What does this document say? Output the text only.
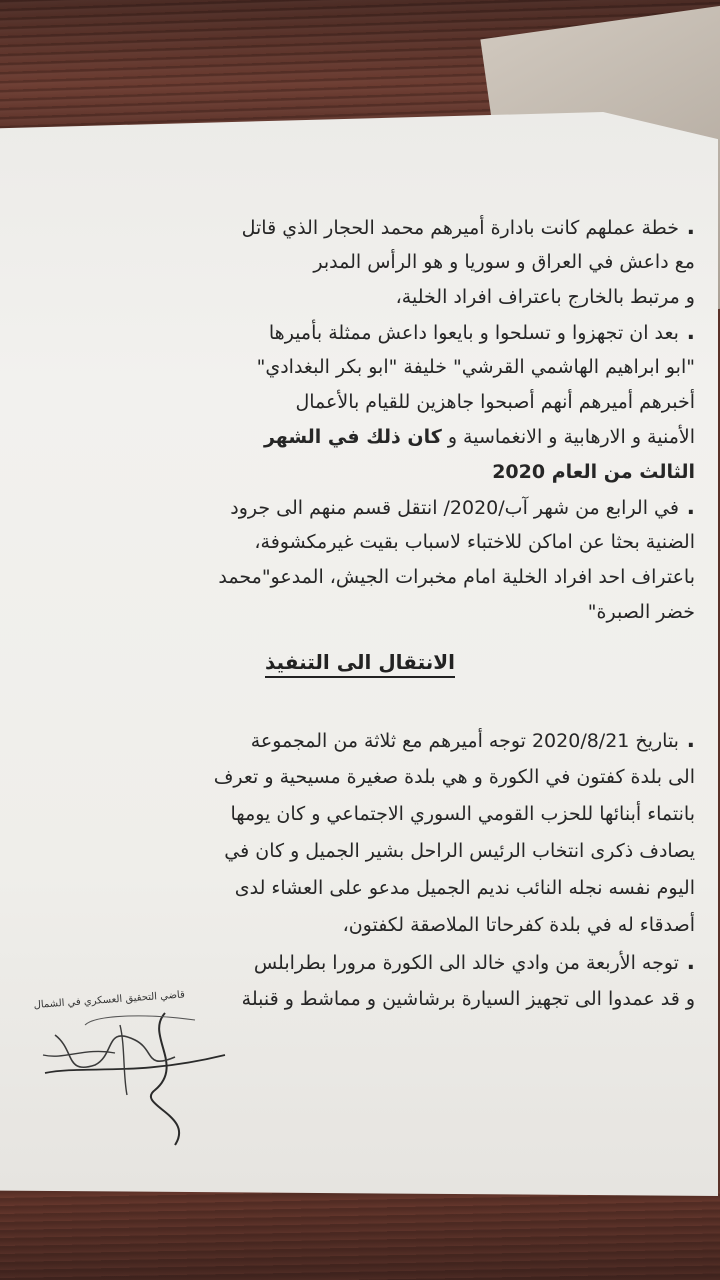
. خطة عملهم كانت بادارة أميرهم محمد الحجار الذي قاتل
مع داعش في العراق و سوريا و هو الرأس المدبر
و مرتبط بالخارج باعتراف افراد الخلية،
. بعد ان تجهزوا و تسلحوا و بايعوا داعش ممثلة بأميرها
"ابو ابراهيم الهاشمي القرشي" خليفة "ابو بكر البغدادي"
أخبرهم أميرهم أنهم أصبحوا جاهزين للقيام بالأعمال
الأمنية و الارهابية و الانغماسية و كان ذلك في الشهر
الثالث من العام 2020
. في الرابع من شهر آب/2020/ انتقل قسم منهم الى جرود
الضنية بحثا عن اماكن للاختباء لاسباب بقيت غيرمكشوفة،
باعتراف احد افراد الخلية امام مخبرات الجيش، المدعو"محمد
خضر الصبرة"
الانتقال الى التنفيذ
. بتاريخ 2020/8/21 توجه أميرهم مع ثلاثة من المجموعة
الى بلدة كفتون في الكورة و هي بلدة صغيرة مسيحية و تعرف
بانتماء أبنائها للحزب القومي السوري الاجتماعي و كان يومها
يصادف ذكرى انتخاب الرئيس الراحل بشير الجميل و كان في
اليوم نفسه نجله النائب نديم الجميل مدعو على العشاء لدى
أصدقاء له في بلدة كفرحاتا الملاصقة لكفتون،
. توجه الأربعة من وادي خالد الى الكورة مرورا بطرابلس
و قد عمدوا الى تجهيز السيارة برشاشين و مماشط و قنبلة
قاضي التحقيق العسكري في الشمال
